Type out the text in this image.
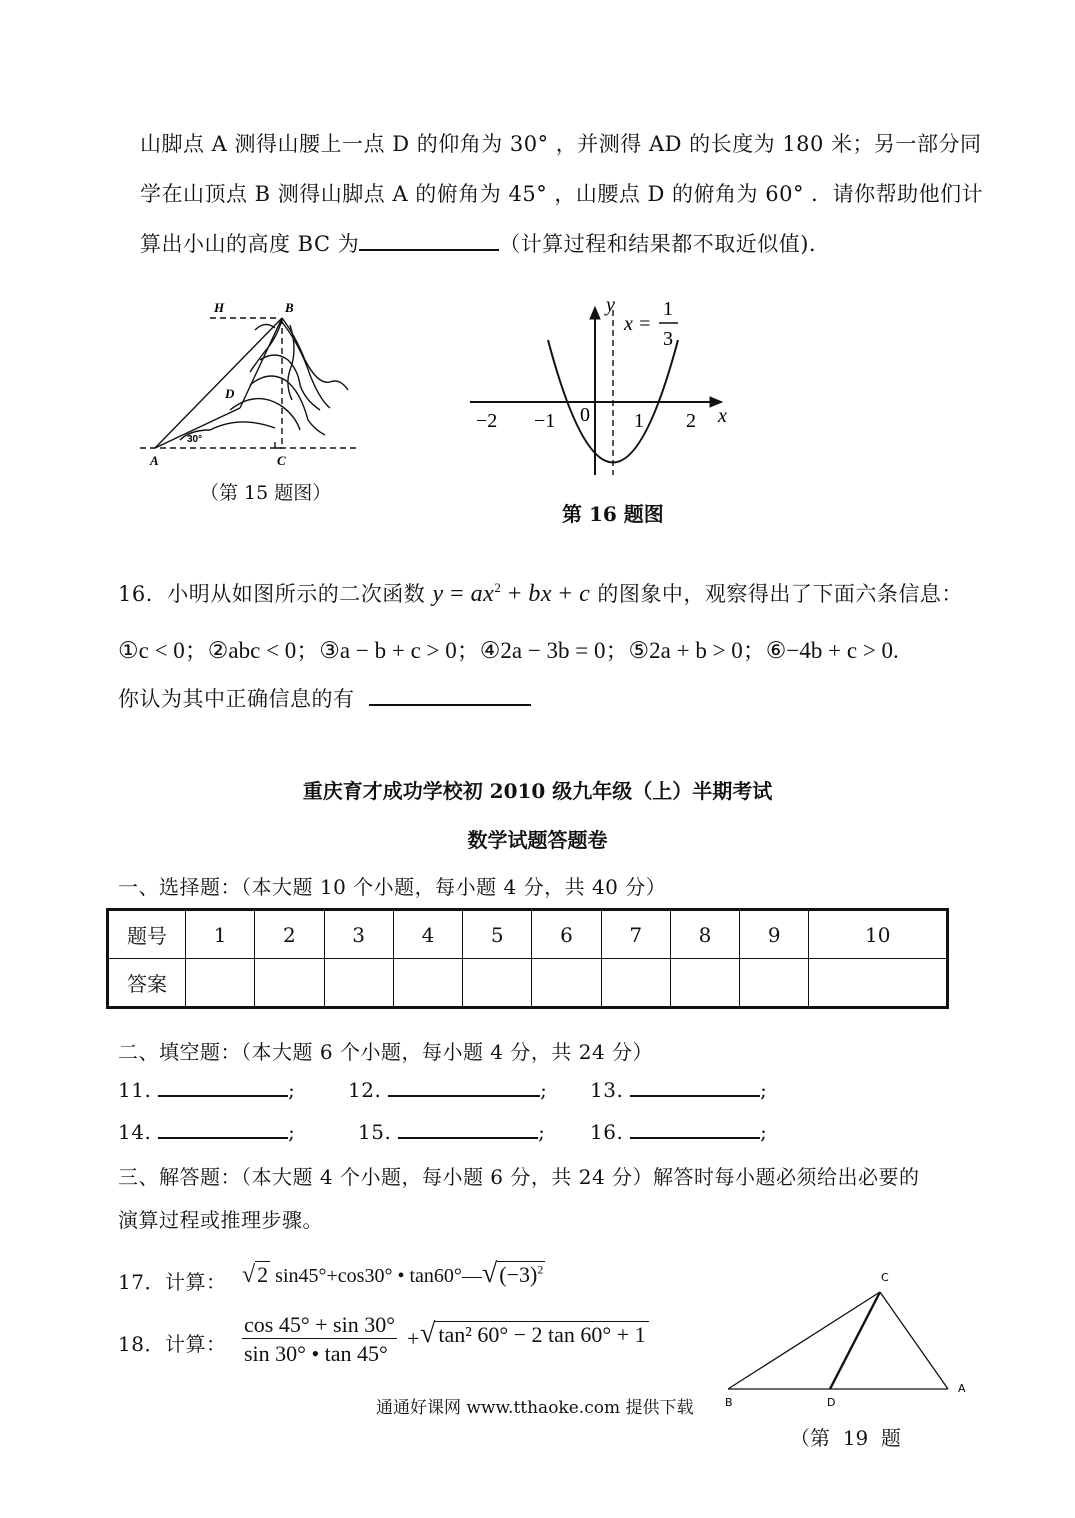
山脚点 A 测得山腰上一点 D 的仰角为 30° ，并测得 AD 的长度为 180 米；另一部分同
学在山顶点 B 测得山脚点 A 的俯角为 45° ，山腰点 D 的俯角为 60° ．请你帮助他们计
算出小山的高度 BC 为	（计算过程和结果都不取近似值)．
H	B
D
A	C
30°
（第 15 题图）
y
x
x =
1
3
−2 −1 0 1 2
第 16 题图
16. 小明从如图所示的二次函数 $y = ax^2$ + bx + c 的图象中，观察得出了下面六条信息：
①c < 0；②abc < 0；③a − b + c > 0；④2a − 3b = 0；⑤2a + b > 0；⑥−4b + c > 0.
你认为其中正确信息的有
重庆育才成功学校初 2010 级九年级（上）半期考试
数学试题答题卷
一、选择题：（本大题 10 个小题，每小题 4 分，共 40 分）
题号	1	2	3	4	5	6	7	8	9	10
答案										
二、填空题：（本大题 6 个小题，每小题 4 分，共 24 分）
11.	;	12.	; 13.	;
14.	;	15.	; 16.	;
三、解答题：（本大题 4 个小题，每小题 6 分，共 24 分）解答时每小题必须给出必要的
演算过程或推理步骤。
17．计算： √2 sin45°+cos30° • $\tan 60^\circ—√(-3)^2$
18．计算： $\frac{\cos 45^\circ + \sin 30^\circ}{\sin 30^\circ • \tan 45^\circ}$ + √ tan² 60° − 2 tan 60° + 1
C
B	D
A
通通好课网 www.tthaoke.com 提供下载
（第  19  题
